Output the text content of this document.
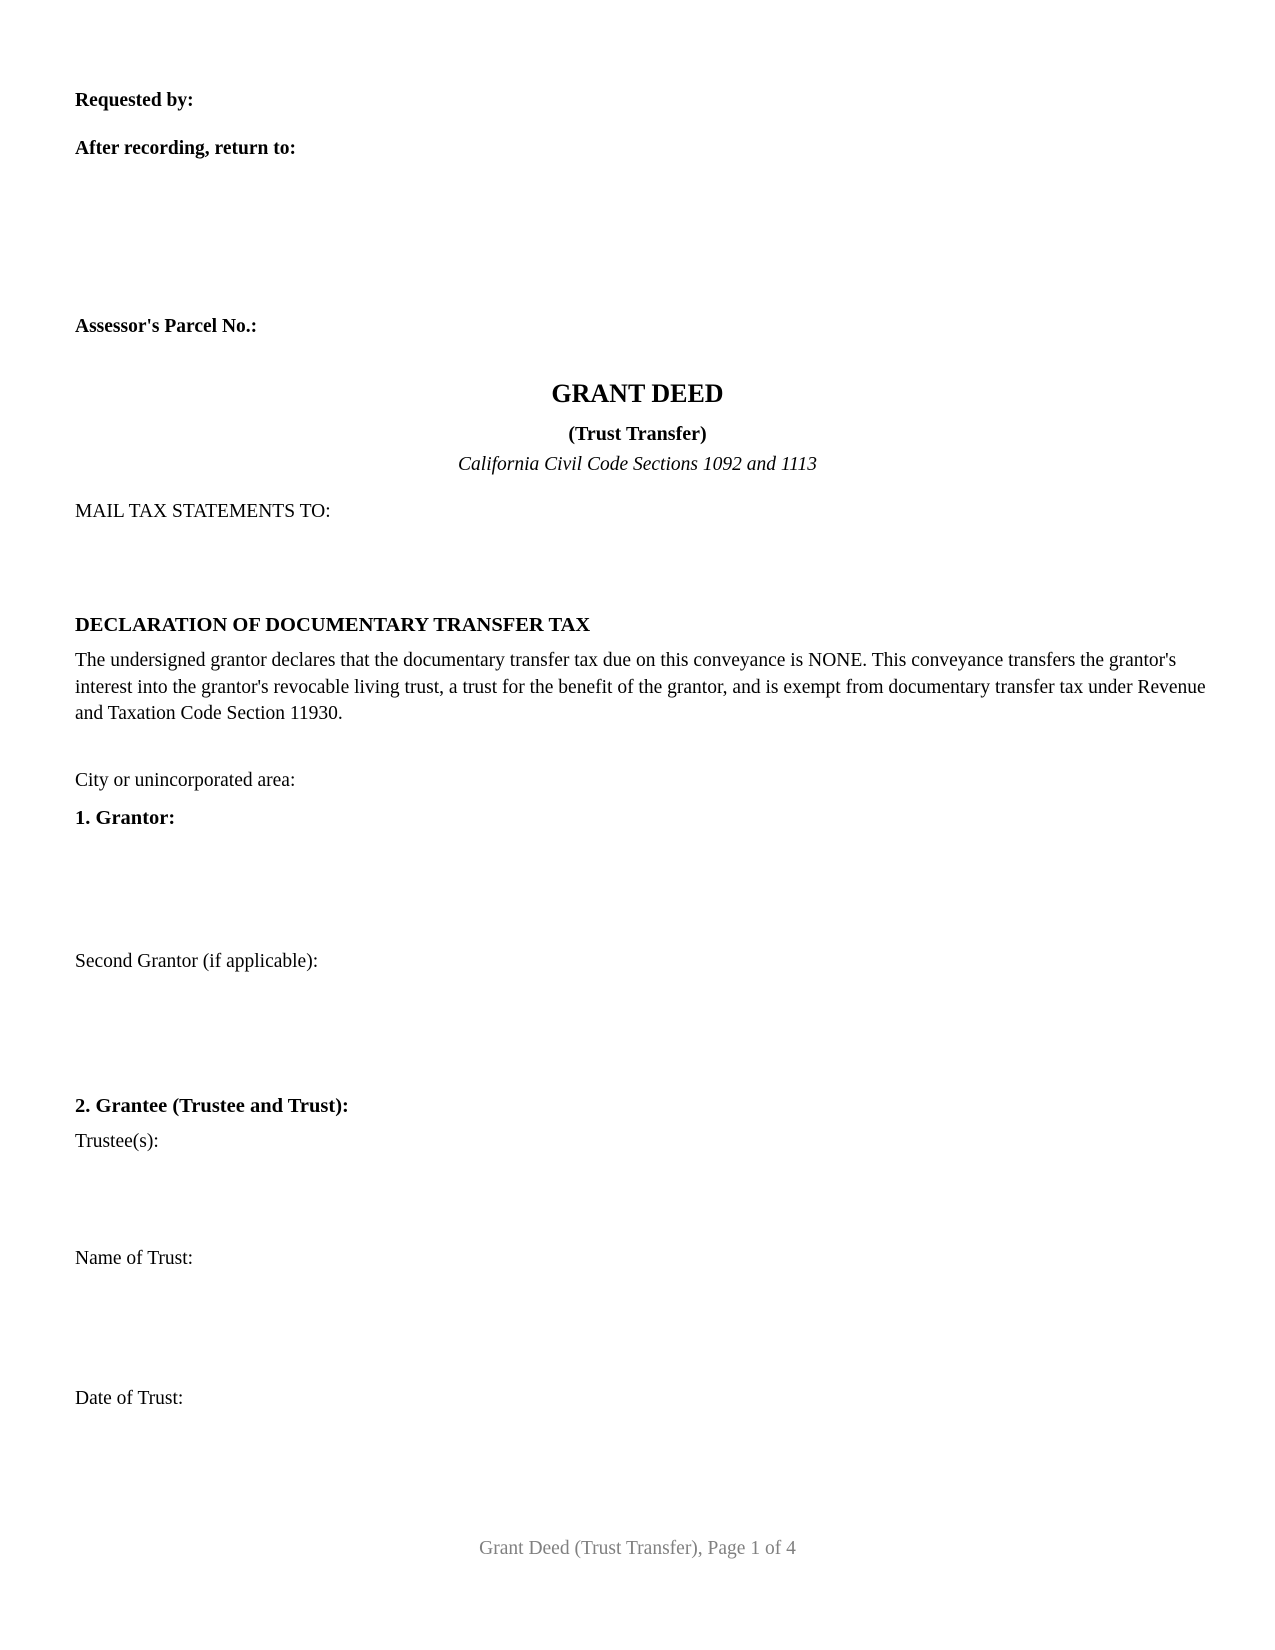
Requested by:

After recording, return to:

Assessor's Parcel No.:

GRANT DEED

(Trust Transfer)

California Civil Code Sections 1092 and 1113

MAIL TAX STATEMENTS TO:

DECLARATION OF DOCUMENTARY TRANSFER TAX

The undersigned grantor declares that the documentary transfer tax due on this conveyance is NONE. This conveyance transfers the grantor's interest into the grantor's revocable living trust, a trust for the benefit of the grantor, and is exempt from documentary transfer tax under Revenue and Taxation Code Section 11930.

City or unincorporated area:

1. Grantor:

Second Grantor (if applicable):

2. Grantee (Trustee and Trust):

Trustee(s):

Name of Trust:

Date of Trust:

Grant Deed (Trust Transfer), Page 1 of 4
